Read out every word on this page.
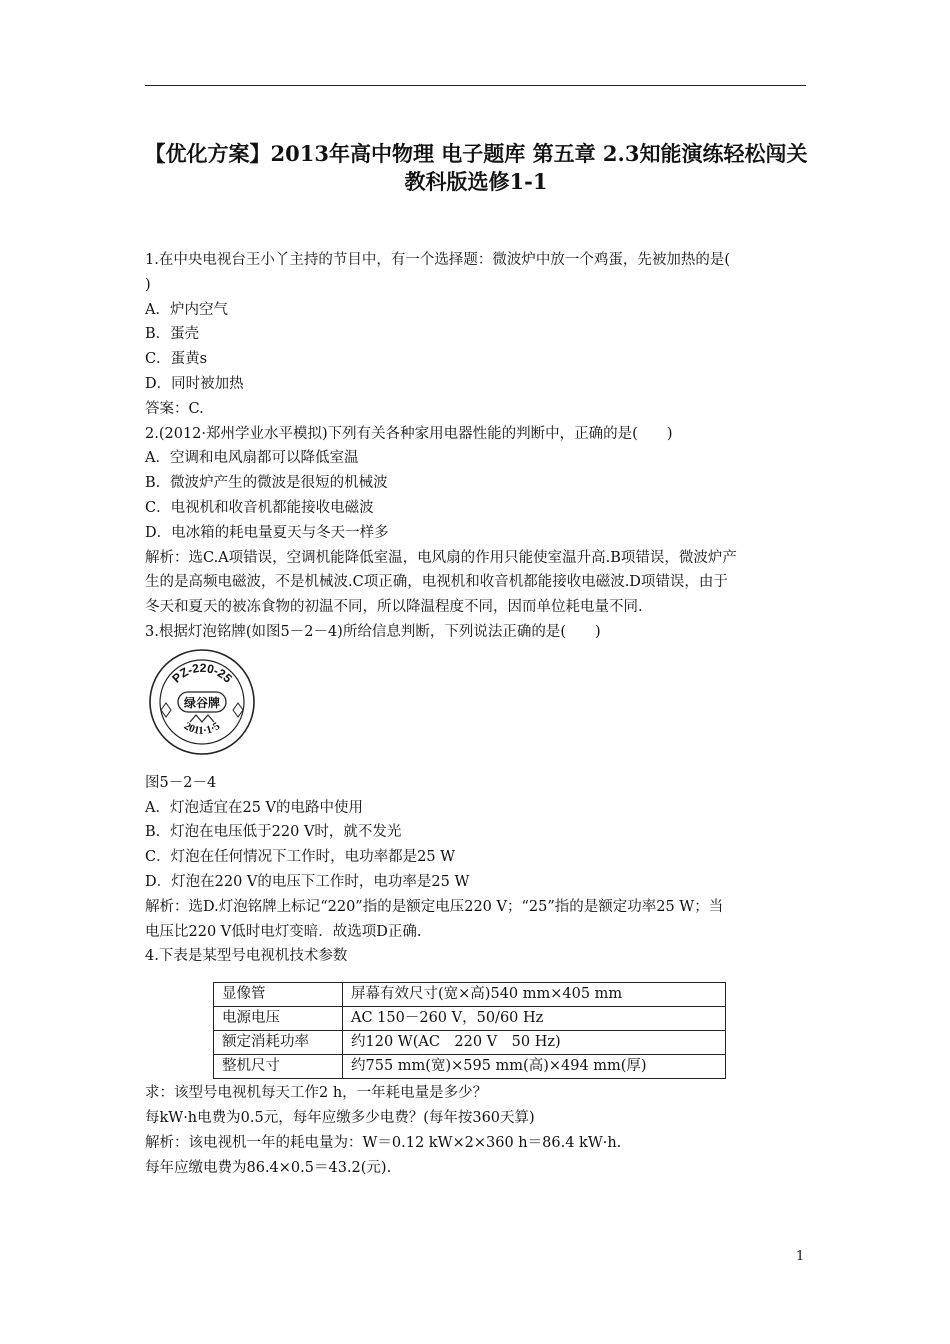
【优化方案】2013年高中物理 电子题库 第五章 2.3知能演练轻松闯关 教科版选修1-1

1.在中央电视台王小丫主持的节目中，有一个选择题：微波炉中放一个鸡蛋，先被加热的是(

)

A．炉内空气

B．蛋壳

C．蛋黄s

D．同时被加热

答案：C.

2.(2012·郑州学业水平模拟)下列有关各种家用电器性能的判断中，正确的是(　　)

A．空调和电风扇都可以降低室温

B．微波炉产生的微波是很短的机械波

C．电视机和收音机都能接收电磁波

D．电冰箱的耗电量夏天与冬天一样多

解析：选C.A项错误，空调机能降低室温，电风扇的作用只能使室温升高.B项错误，微波炉产

生的是高频电磁波，不是机械波.C项正确，电视机和收音机都能接收电磁波.D项错误，由于

冬天和夏天的被冻食物的初温不同，所以降温程度不同，因而单位耗电量不同.

3.根据灯泡铭牌(如图5－2－4)所给信息判断，下列说法正确的是(　　)

PZ-220-25
绿谷牌
2011·1·5

图5－2－4

A．灯泡适宜在25 V的电路中使用

B．灯泡在电压低于220 V时，就不发光

C．灯泡在任何情况下工作时，电功率都是25 W

D．灯泡在220 V的电压下工作时，电功率是25 W

解析：选D.灯泡铭牌上标记“220”指的是额定电压220 V；“25”指的是额定功率25 W；当

电压比220 V低时电灯变暗．故选项D正确.

4.下表是某型号电视机技术参数

显像管	屏幕有效尺寸(宽×高)540 mm×405 mm
电源电压	AC 150－260 V，50/60 Hz
额定消耗功率	约120 W(AC　220 V　50 Hz)
整机尺寸	约755 mm(宽)×595 mm(高)×494 mm(厚)

求：该型号电视机每天工作2 h，一年耗电量是多少？

每kW·h电费为0.5元，每年应缴多少电费？(每年按360天算)

解析：该电视机一年的耗电量为：W＝0.12 kW×2×360 h＝86.4 kW·h.

每年应缴电费为86.4×0.5＝43.2(元).

1
